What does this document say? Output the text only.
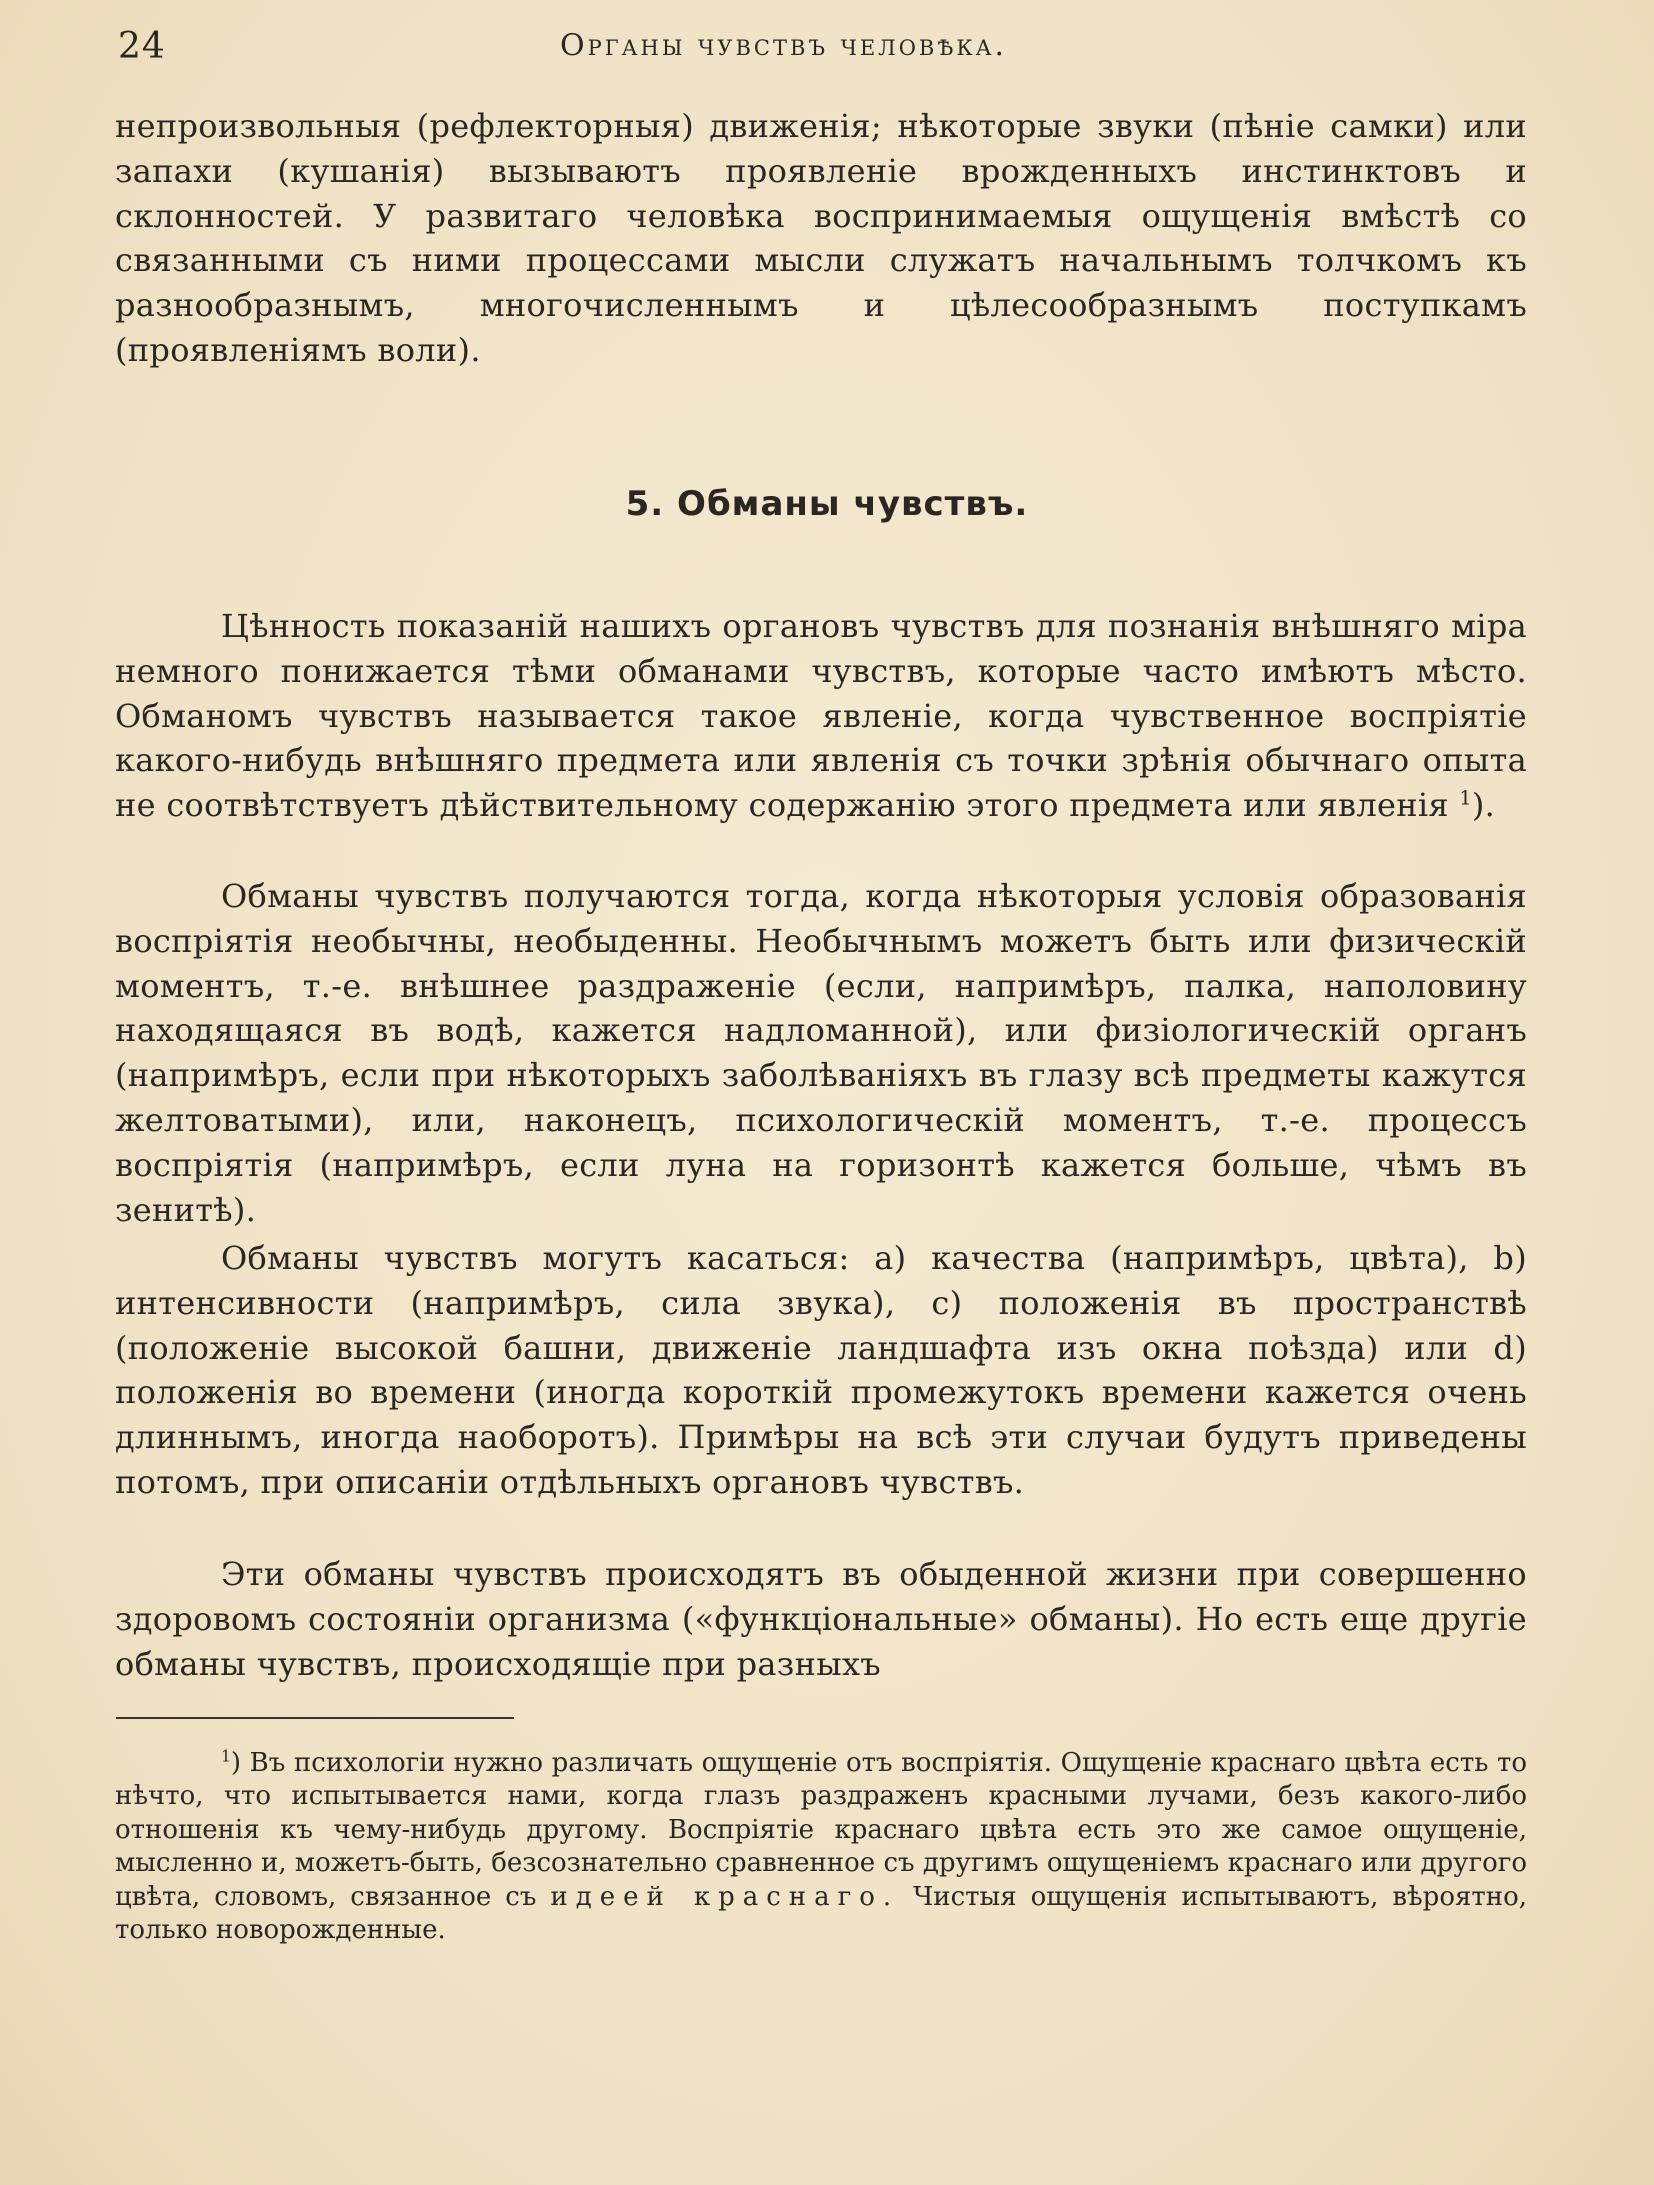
24	Органы чувствъ человѣка.

непроизвольныя (рефлекторныя) движенія; нѣкоторые звуки (пѣніе самки) или запахи (кушанія) вызываютъ проявленіе врожденныхъ инстинктовъ и склонностей. У развитаго человѣка воспринимаемыя ощущенія вмѣстѣ со связанными съ ними процессами мысли служатъ начальнымъ толчкомъ къ разнообразнымъ, многочисленнымъ и цѣлесообразнымъ поступкамъ (проявленіямъ воли).

5. Обманы чувствъ.

Цѣнность показаній нашихъ органовъ чувствъ для познанія внѣшняго міра немного понижается тѣми обманами чувствъ, которые часто имѣютъ мѣсто. Обманомъ чувствъ называется такое явленіе, когда чувственное воспріятіе какого-нибудь внѣшняго предмета или явленія съ точки зрѣнія обычнаго опыта не соотвѣтствуетъ дѣйствительному содержанію этого предмета или явленія $^1$).

Обманы чувствъ получаются тогда, когда нѣкоторыя условія образованія воспріятія необычны, необыденны. Необычнымъ можетъ быть или физическій моментъ, т.-е. внѣшнее раздраженіе (если, напримѣръ, палка, наполовину находящаяся въ водѣ, кажется надломанной), или физіологическій органъ (напримѣръ, если при нѣкоторыхъ заболѣваніяхъ въ глазу всѣ предметы кажутся желтоватыми), или, наконецъ, психологическій моментъ, т.-е. процессъ воспріятія (напримѣръ, если луна на горизонтѣ кажется больше, чѣмъ въ зенитѣ).

Обманы чувствъ могутъ касаться: a) качества (напримѣръ, цвѣта), b) интенсивности (напримѣръ, сила звука), c) положенія въ пространствѣ (положеніе высокой башни, движеніе ландшафта изъ окна поѣзда) или d) положенія во времени (иногда короткій промежутокъ времени кажется очень длиннымъ, иногда наоборотъ). Примѣры на всѣ эти случаи будутъ приведены потомъ, при описаніи отдѣльныхъ органовъ чувствъ.

Эти обманы чувствъ происходятъ въ обыденной жизни при совершенно здоровомъ состояніи организма («функціональные» обманы). Но есть еще другіе обманы чувствъ, происходящіе при разныхъ

$^1$) Въ психологіи нужно различать ощущеніе отъ воспріятія. Ощущеніе краснаго цвѣта есть то нѣчто, что испытывается нами, когда глазъ раздраженъ красными лучами, безъ какого-либо отношенія къ чему-нибудь другому. Воспріятіе краснаго цвѣта есть это же самое ощущеніе, мысленно и, можетъ-быть, безсознательно сравненное съ другимъ ощущеніемъ краснаго или другого цвѣта, словомъ, связанное съ идеей краснаго. Чистыя ощущенія испытываютъ, вѣроятно, только новорожденные.
